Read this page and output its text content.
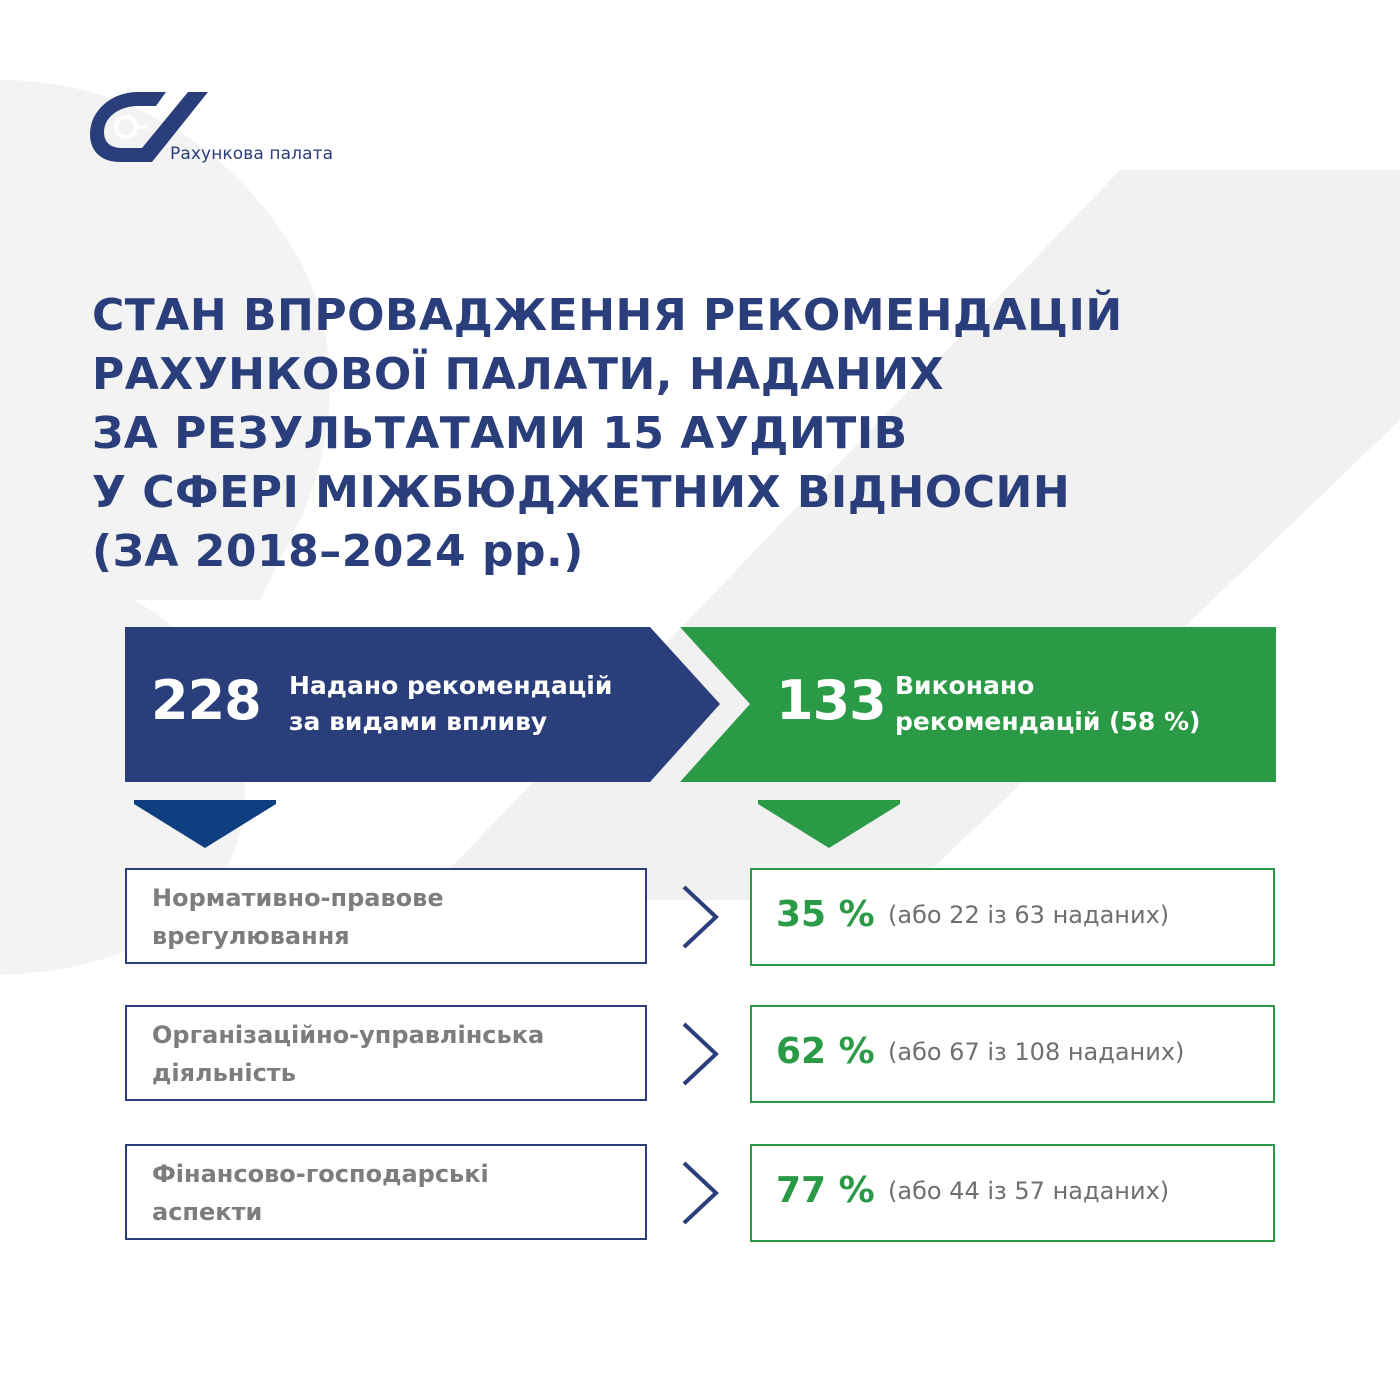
Рахункова палата
СТАН ВПРОВАДЖЕННЯ РЕКОМЕНДАЦІЙ
РАХУНКОВОЇ ПАЛАТИ, НАДАНИХ
ЗА РЕЗУЛЬТАТАМИ 15 АУДИТІВ
У СФЕРІ МІЖБЮДЖЕТНИХ ВІДНОСИН
(ЗА 2018–2024 рр.)
228 Надано рекомендацій
за видами впливу	133 Виконано
рекомендацій (58 %)
Нормативно-правове
врегулювання
35 % (або 22 із 63 наданих)
Організаційно-управлінська
діяльність
62 % (або 67 із 108 наданих)
Фінансово-господарські
аспекти
77 % (або 44 із 57 наданих)
